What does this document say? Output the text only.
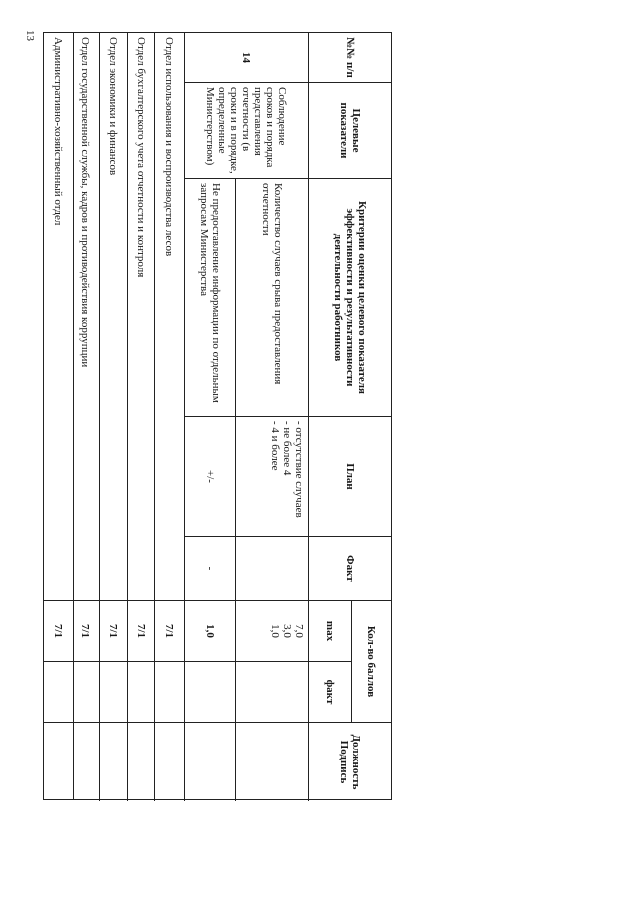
13
№№ п/п
Целевые показатели
Критерии оценки целевого показателя эффективности и результативности деятельности работников
План
Факт
Кол-во баллов
max
факт
Должность Подпись
14
Соблюдение сроков и порядка представления отчетности (в сроки и в порядке, определенные Министерством)
Количество случаев срыва предоставления отчетности
- отсутствие случаев
- не более 4
- 4 и более
7,0
3,0
1,0
Не предоставление информации по отдельным запросам Министерства
+/-
-
1,0
Отдел использования и воспроизводства лесов
7/1
Отдел бухгалтерского учета отчетности и контроля
7/1
Отдел экономики и финансов
7/1
Отдел государственной службы, кадров и противодействия коррупции
7/1
Административно-хозяйственный отдел
7/1
